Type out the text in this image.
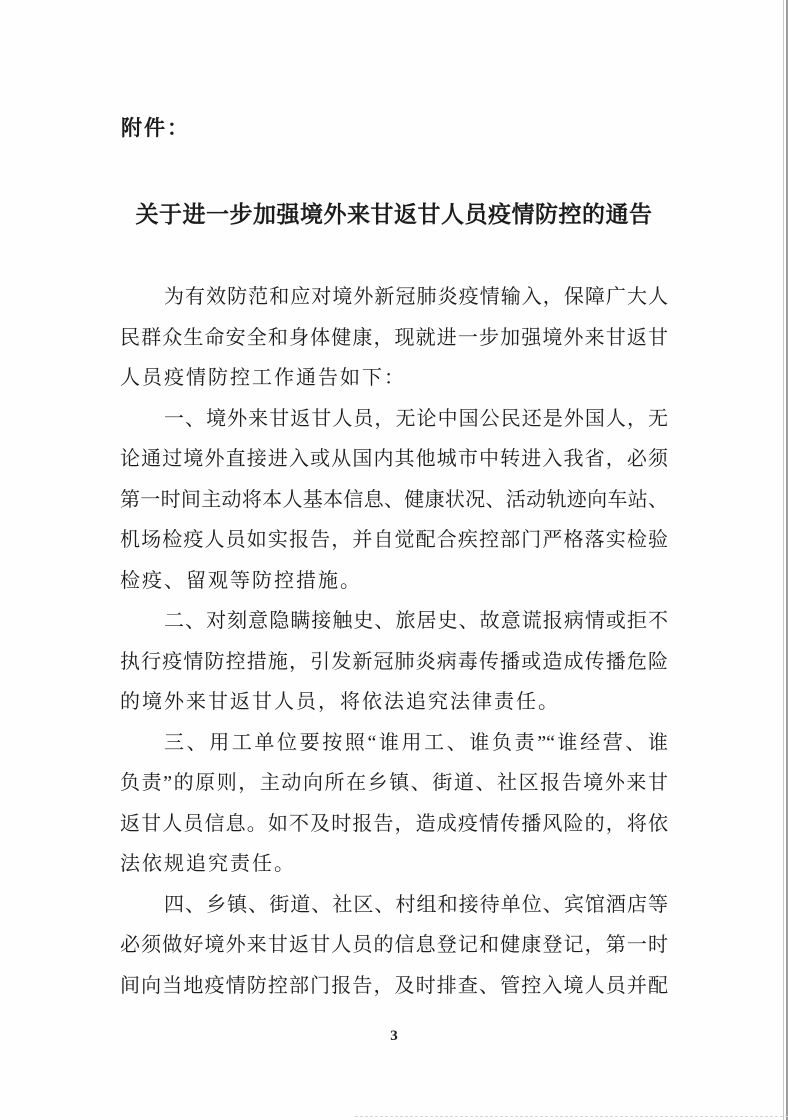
附件：
关于进一步加强境外来甘返甘人员疫情防控的通告
为有效防范和应对境外新冠肺炎疫情输入，保障广大人
民群众生命安全和身体健康，现就进一步加强境外来甘返甘
人员疫情防控工作通告如下：
一、境外来甘返甘人员，无论中国公民还是外国人，无
论通过境外直接进入或从国内其他城市中转进入我省，必须
第一时间主动将本人基本信息、健康状况、活动轨迹向车站、
机场检疫人员如实报告，并自觉配合疾控部门严格落实检验
检疫、留观等防控措施。
二、对刻意隐瞒接触史、旅居史、故意谎报病情或拒不
执行疫情防控措施，引发新冠肺炎病毒传播或造成传播危险
的境外来甘返甘人员，将依法追究法律责任。
三、用工单位要按照“谁用工、谁负责”“谁经营、谁
负责”的原则，主动向所在乡镇、街道、社区报告境外来甘
返甘人员信息。如不及时报告，造成疫情传播风险的，将依
法依规追究责任。
四、乡镇、街道、社区、村组和接待单位、宾馆酒店等
必须做好境外来甘返甘人员的信息登记和健康登记，第一时
间向当地疫情防控部门报告，及时排查、管控入境人员并配
3
